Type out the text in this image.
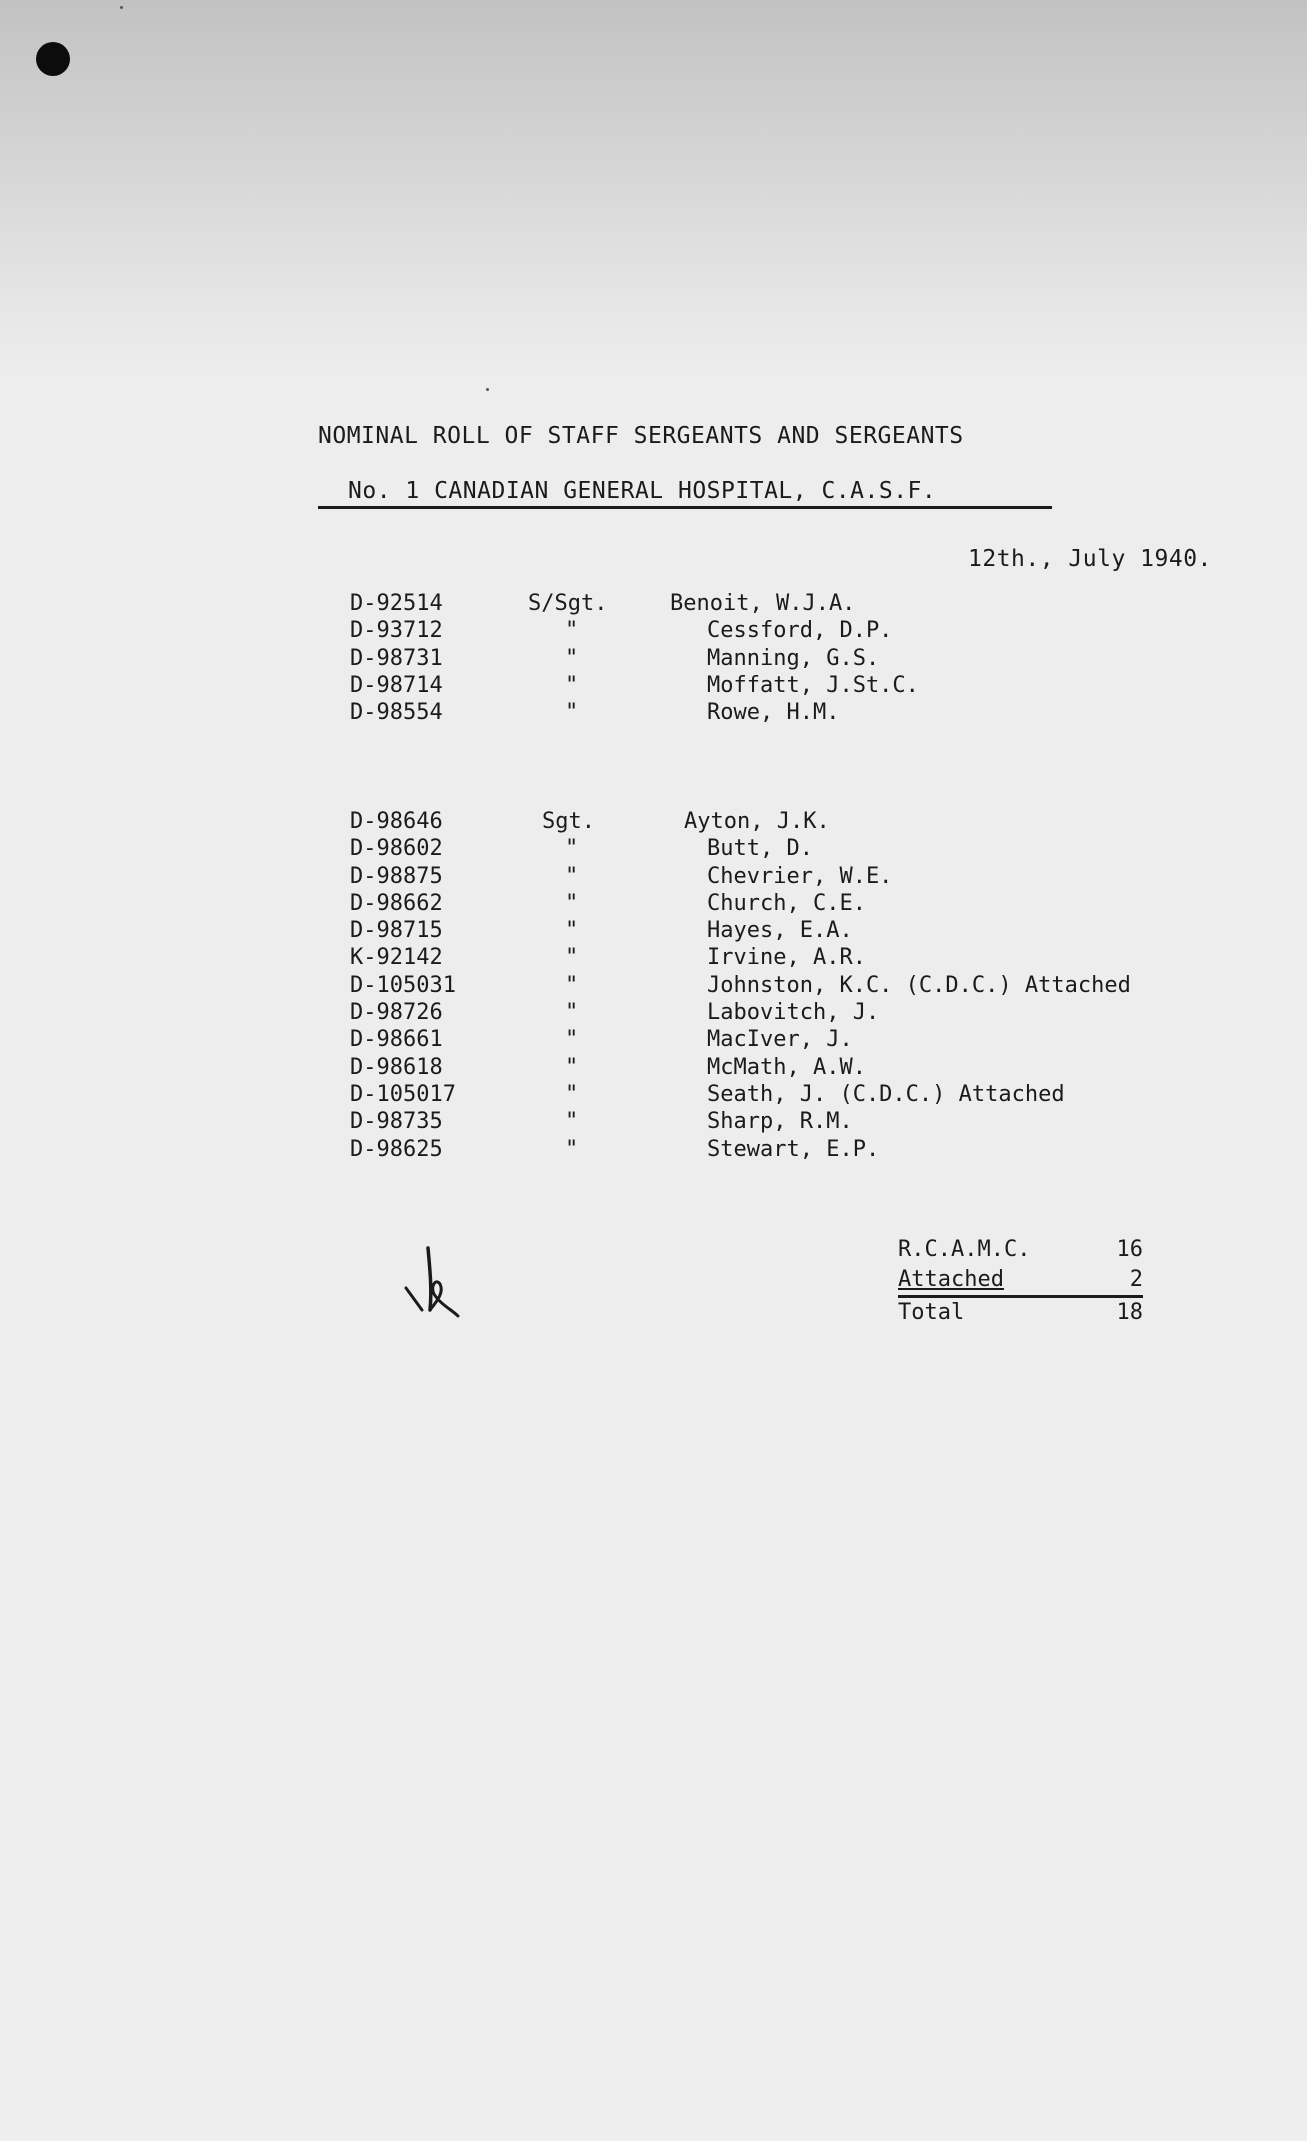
NOMINAL ROLL OF STAFF SERGEANTS AND SERGEANTS
No. 1 CANADIAN GENERAL HOSPITAL, C.A.S.F.
12th., July 1940.
D-92514	S/Sgt.	Benoit, W.J.A.
D-93712	"	Cessford, D.P.
D-98731	"	Manning, G.S.
D-98714	"	Moffatt, J.St.C.
D-98554	"	Rowe, H.M.
D-98646	Sgt.	Ayton, J.K.
D-98602	"	Butt, D.
D-98875	"	Chevrier, W.E.
D-98662	"	Church, C.E.
D-98715	"	Hayes, E.A.
K-92142	"	Irvine, A.R.
D-105031	"	Johnston, K.C. (C.D.C.) Attached
D-98726	"	Labovitch, J.
D-98661	"	MacIver, J.
D-98618	"	McMath, A.W.
D-105017	"	Seath, J. (C.D.C.) Attached
D-98735	"	Sharp, R.M.
D-98625	"	Stewart, E.P.
R.C.A.M.C.	16
Attached	2
Total	18
